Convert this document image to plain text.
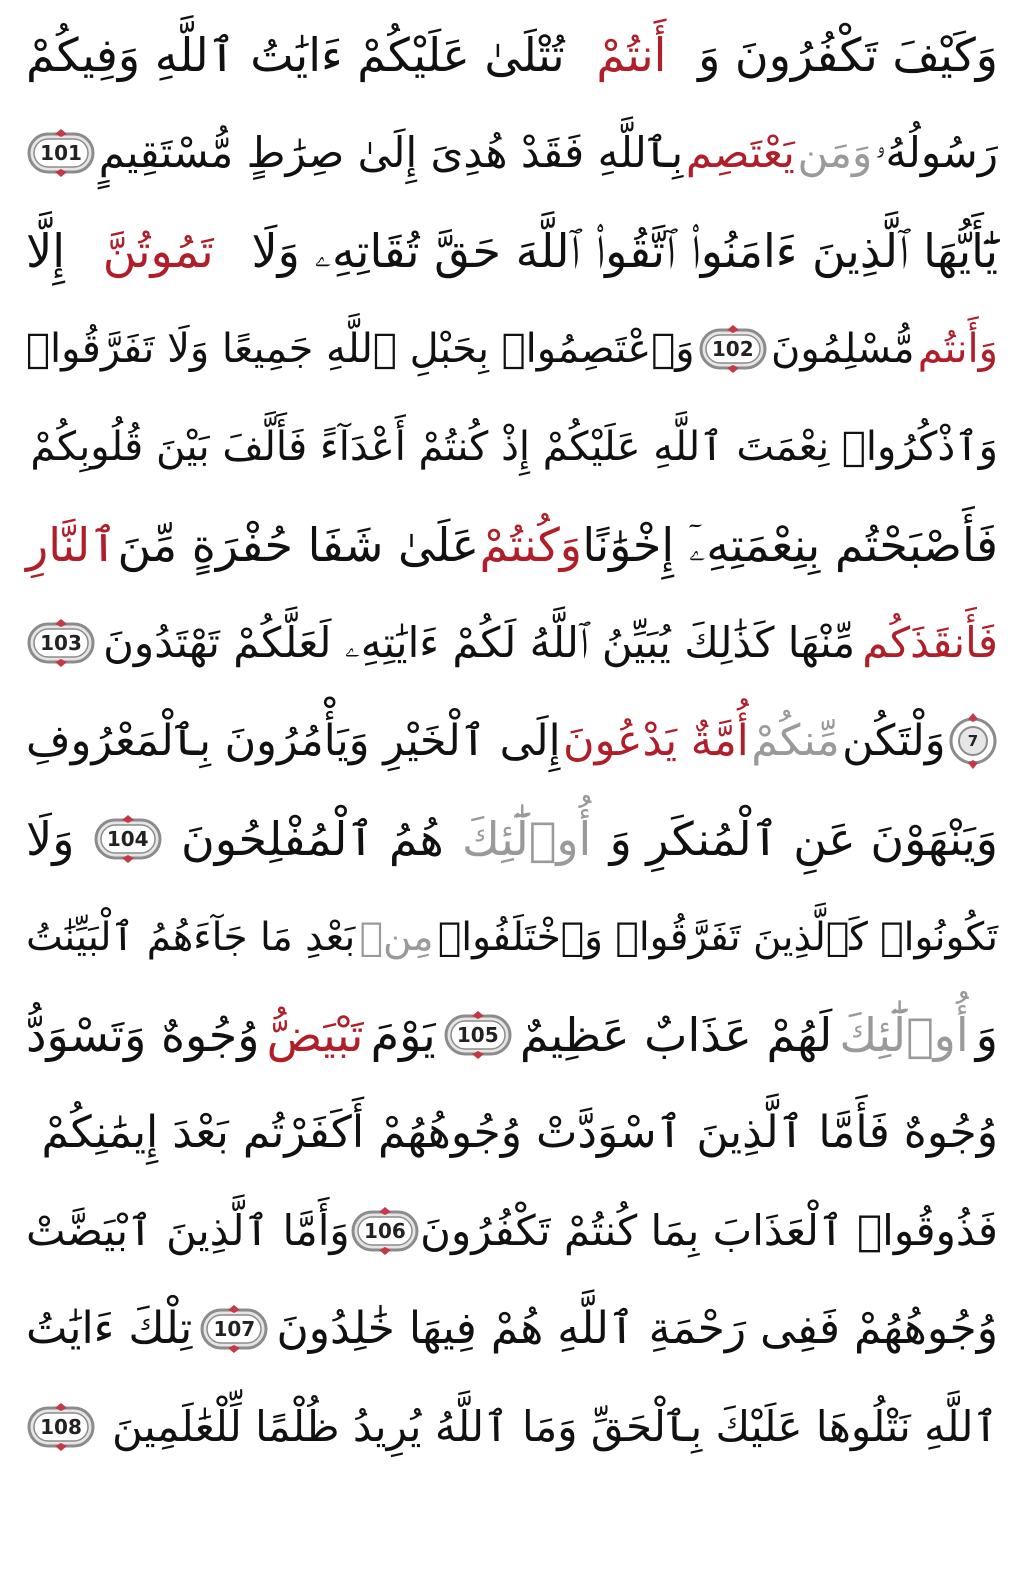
وَكَيْفَ تَكْفُرُونَ وَ
أَنتُمْ
تُتْلَىٰ عَلَيْكُمْ ءَايَٰتُ ٱللَّهِ وَفِيكُمْ
رَسُولُهُۥ
وَمَن
يَعْتَصِم
بِٱللَّهِ فَقَدْ هُدِىَ إِلَىٰ صِرَٰطٍ مُّسْتَقِيمٍ
101
يَٰٓأَيُّهَا ٱلَّذِينَ ءَامَنُوا۟ ٱتَّقُوا۟ ٱللَّهَ حَقَّ تُقَاتِهِۦ وَلَا
تَمُوتُنَّ
إِلَّا
وَأَنتُم
مُّسْلِمُونَ
102
وَٱعْتَصِمُوا۟ بِحَبْلِ ٱللَّهِ جَمِيعًا وَلَا تَفَرَّقُوا۟
وَٱذْكُرُوا۟ نِعْمَتَ ٱللَّهِ عَلَيْكُمْ إِذْ كُنتُمْ أَعْدَآءً فَأَلَّفَ بَيْنَ قُلُوبِكُمْ
فَأَصْبَحْتُم بِنِعْمَتِهِۦٓ إِخْوَٰنًا
وَكُنتُمْ
عَلَىٰ شَفَا حُفْرَةٍ مِّنَ
ٱلنَّارِ
فَأَنقَذَكُم
مِّنْهَا كَذَٰلِكَ يُبَيِّنُ ٱللَّهُ لَكُمْ ءَايَٰتِهِۦ لَعَلَّكُمْ تَهْتَدُونَ
103
7
وَلْتَكُن
مِّنكُمْ
أُمَّةٌ يَدْعُونَ
إِلَى ٱلْخَيْرِ وَيَأْمُرُونَ بِٱلْمَعْرُوفِ
وَيَنْهَوْنَ عَنِ ٱلْمُنكَرِ وَ
أُو۟لَٰٓئِكَ
هُمُ ٱلْمُفْلِحُونَ
104
وَلَا
تَكُونُوا۟ كَٱلَّذِينَ تَفَرَّقُوا۟ وَٱخْتَلَفُوا۟
مِنۢ
بَعْدِ مَا جَآءَهُمُ ٱلْبَيِّنَٰتُ
وَ
أُو۟لَٰٓئِكَ
لَهُمْ عَذَابٌ عَظِيمٌ
105
يَوْمَ
تَبْيَضُّ
وُجُوهٌ وَتَسْوَدُّ
وُجُوهٌ فَأَمَّا ٱلَّذِينَ ٱسْوَدَّتْ وُجُوهُهُمْ أَكَفَرْتُم بَعْدَ إِيمَٰنِكُمْ
فَذُوقُوا۟ ٱلْعَذَابَ بِمَا كُنتُمْ تَكْفُرُونَ
106
وَأَمَّا ٱلَّذِينَ ٱبْيَضَّتْ
وُجُوهُهُمْ فَفِى رَحْمَةِ ٱللَّهِ هُمْ فِيهَا خَٰلِدُونَ
107
تِلْكَ ءَايَٰتُ
ٱللَّهِ نَتْلُوهَا عَلَيْكَ بِٱلْحَقِّ وَمَا ٱللَّهُ يُرِيدُ ظُلْمًا لِّلْعَٰلَمِينَ
108
